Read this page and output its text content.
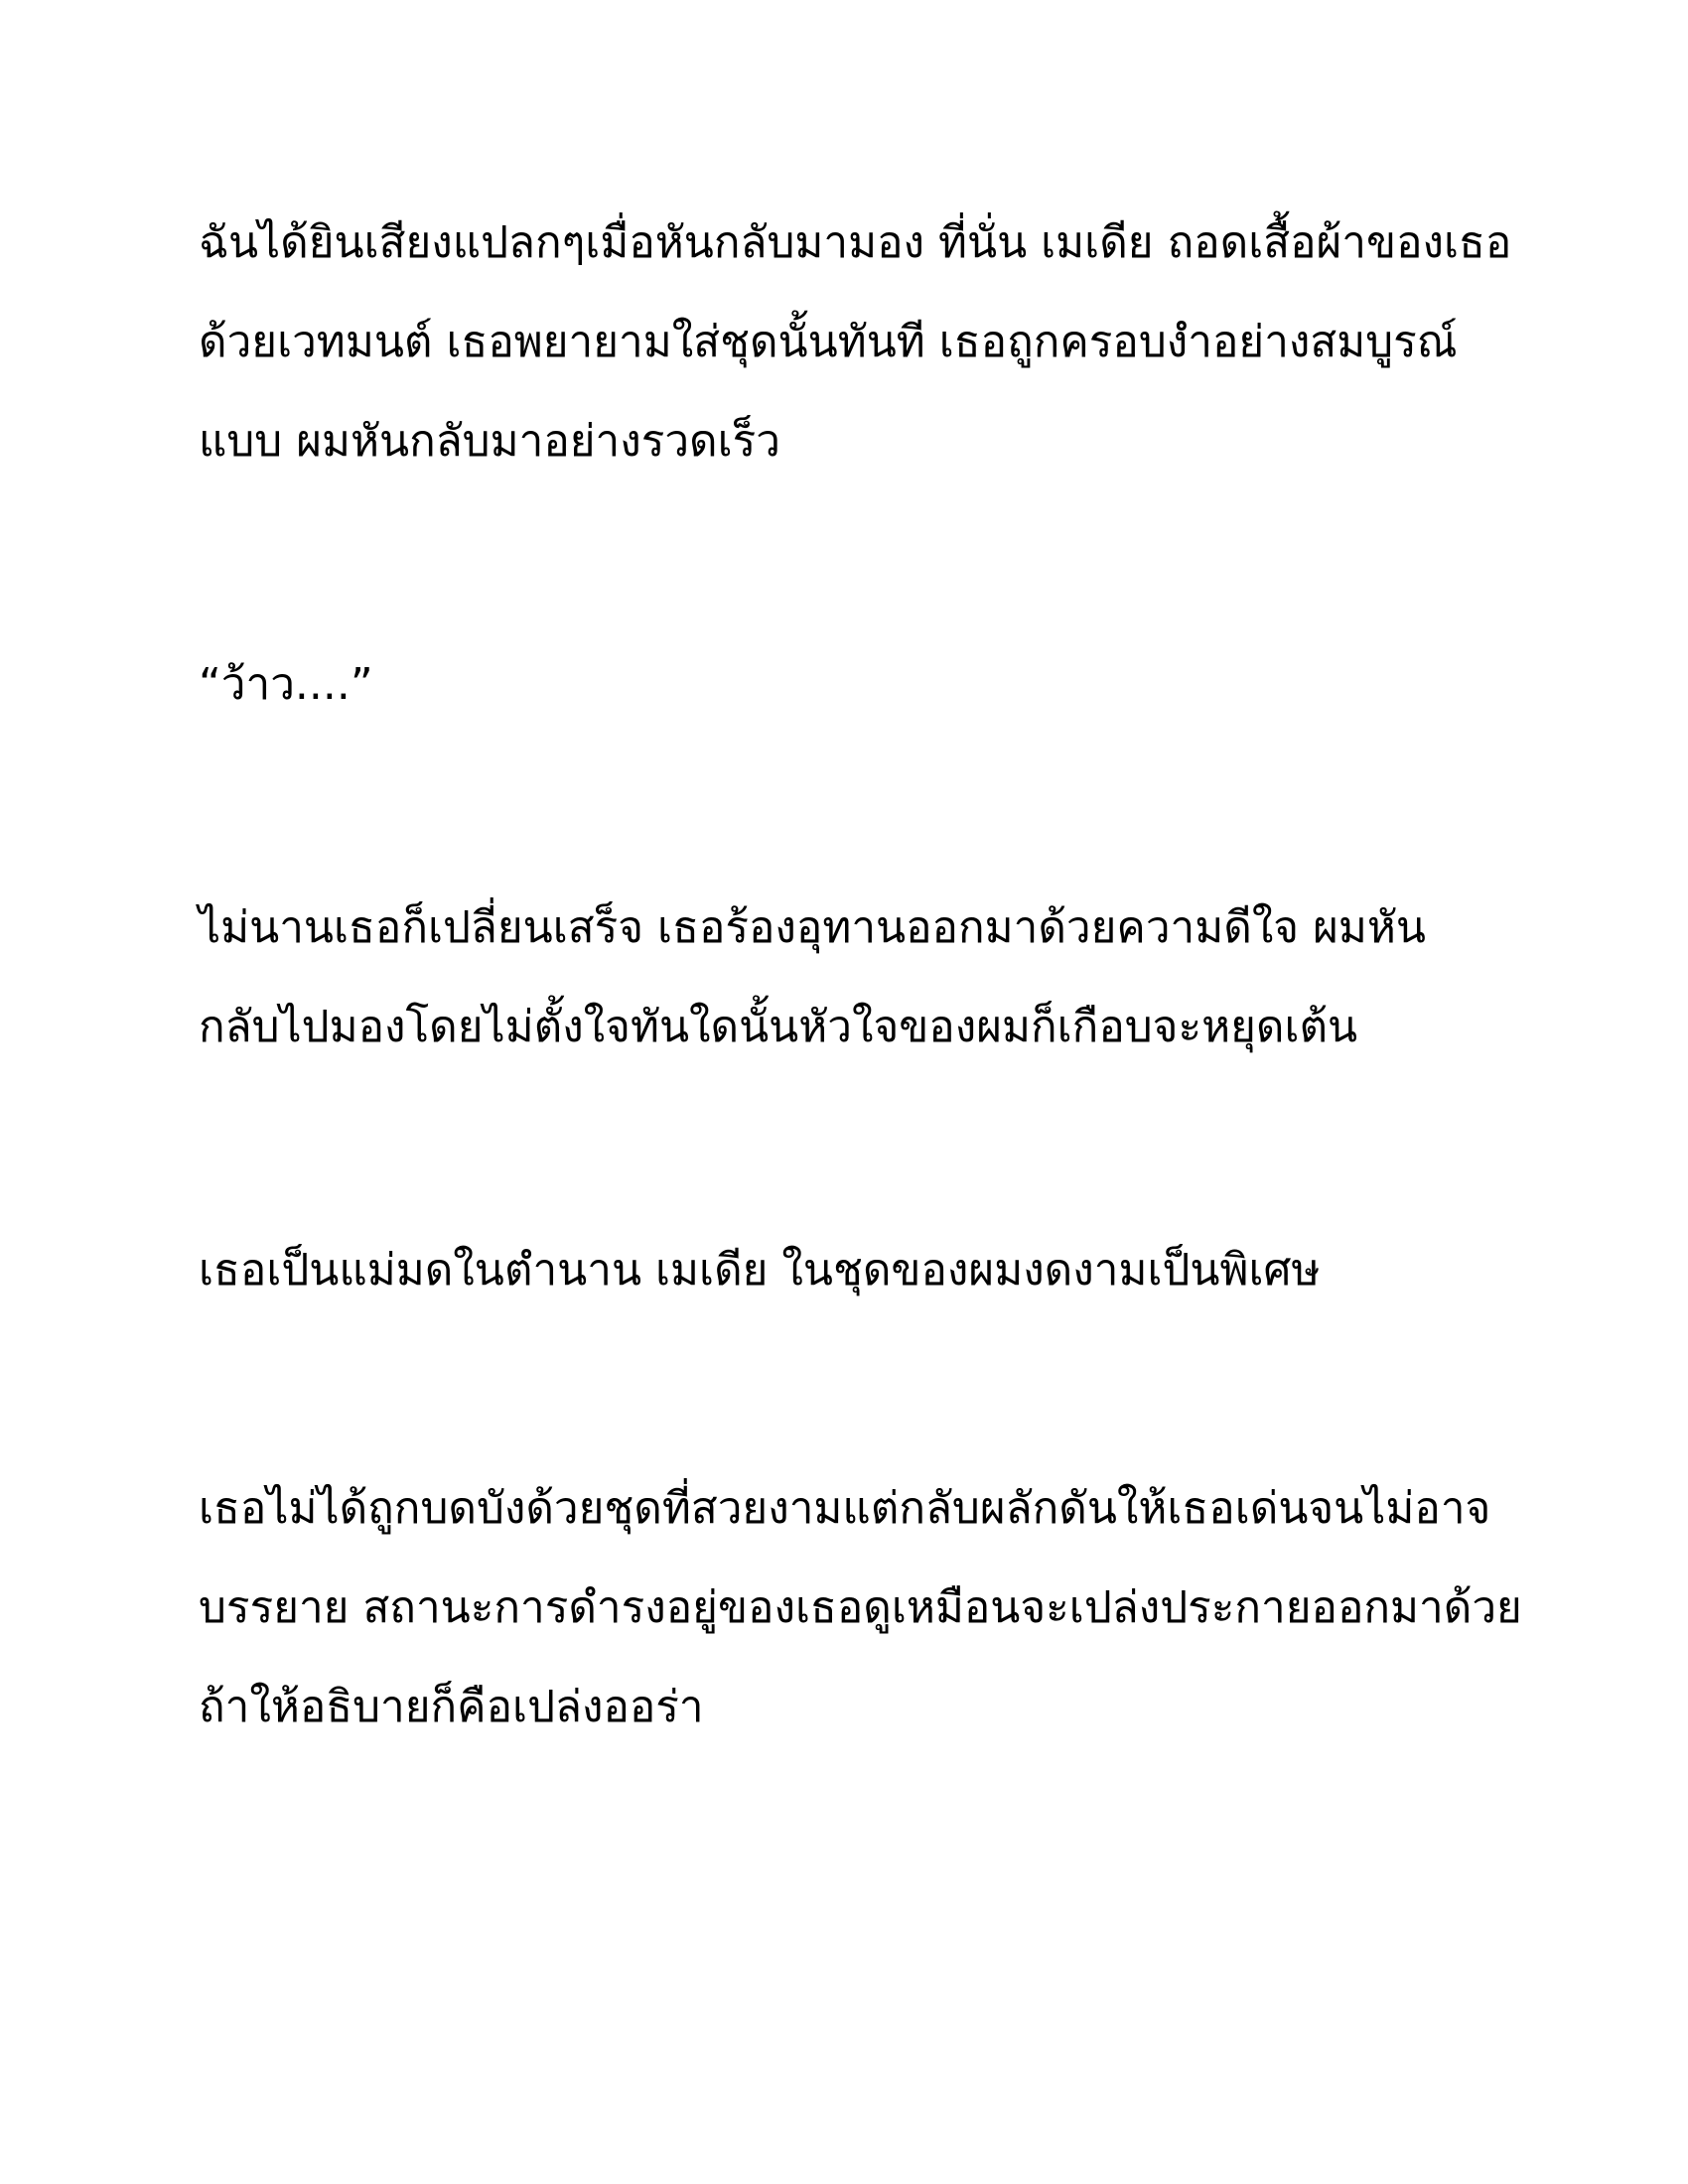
ฉันได้ยินเสียงแปลกๆเมื่อหันกลับมามอง ที่นั่น เมเดีย ถอดเสื้อผ้าของเธอ
ด้วยเวทมนต์ เธอพยายามใส่ชุดนั้นทันที เธอถูกครอบงำอย่างสมบูรณ์
แบบ ผมหันกลับมาอย่างรวดเร็ว

“ว้าว....”

ไม่นานเธอก็เปลี่ยนเสร็จ เธอร้องอุทานออกมาด้วยความดีใจ ผมหัน
กลับไปมองโดยไม่ตั้งใจทันใดนั้นหัวใจของผมก็เกือบจะหยุดเต้น

เธอเป็นแม่มดในตำนาน เมเดีย ในชุดของผมงดงามเป็นพิเศษ

เธอไม่ได้ถูกบดบังด้วยชุดที่สวยงามแต่กลับผลักดันให้เธอเด่นจนไม่อาจ
บรรยาย สถานะการดำรงอยู่ของเธอดูเหมือนจะเปล่งประกายออกมาด้วย
ถ้าให้อธิบายก็คือเปล่งออร่า
